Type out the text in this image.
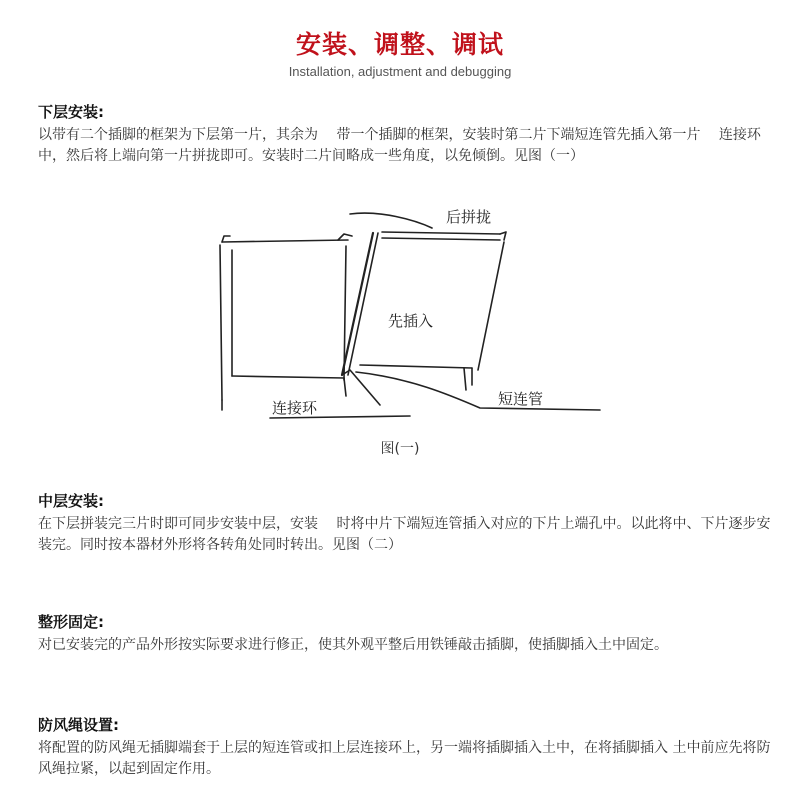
安装、调整、调试
Installation, adjustment and debugging
下层安装:
以带有二个插脚的框架为下层第一片，其余为　 带一个插脚的框架，安装时第二片下端短连管先插入第一片　 连接环中，然后将上端向第一片拼拢即可。安装时二片间略成一些角度，以免倾倒。见图（一）
后拼拢
先插入
连接环	短连管
图(一)
中层安装:
在下层拼装完三片时即可同步安装中层，安装　 时将中片下端短连管插入对应的下片上端孔中。以此将中、下片逐步安装完。同时按本器材外形将各转角处同时转出。见图（二）
整形固定:
对已安装完的产品外形按实际要求进行修正，使其外观平整后用铁锤敲击插脚，使插脚插入土中固定。
防风绳设置:
将配置的防风绳无插脚端套于上层的短连管或扣上层连接环上，另一端将插脚插入土中，在将插脚插入 土中前应先将防风绳拉紧，以起到固定作用。
